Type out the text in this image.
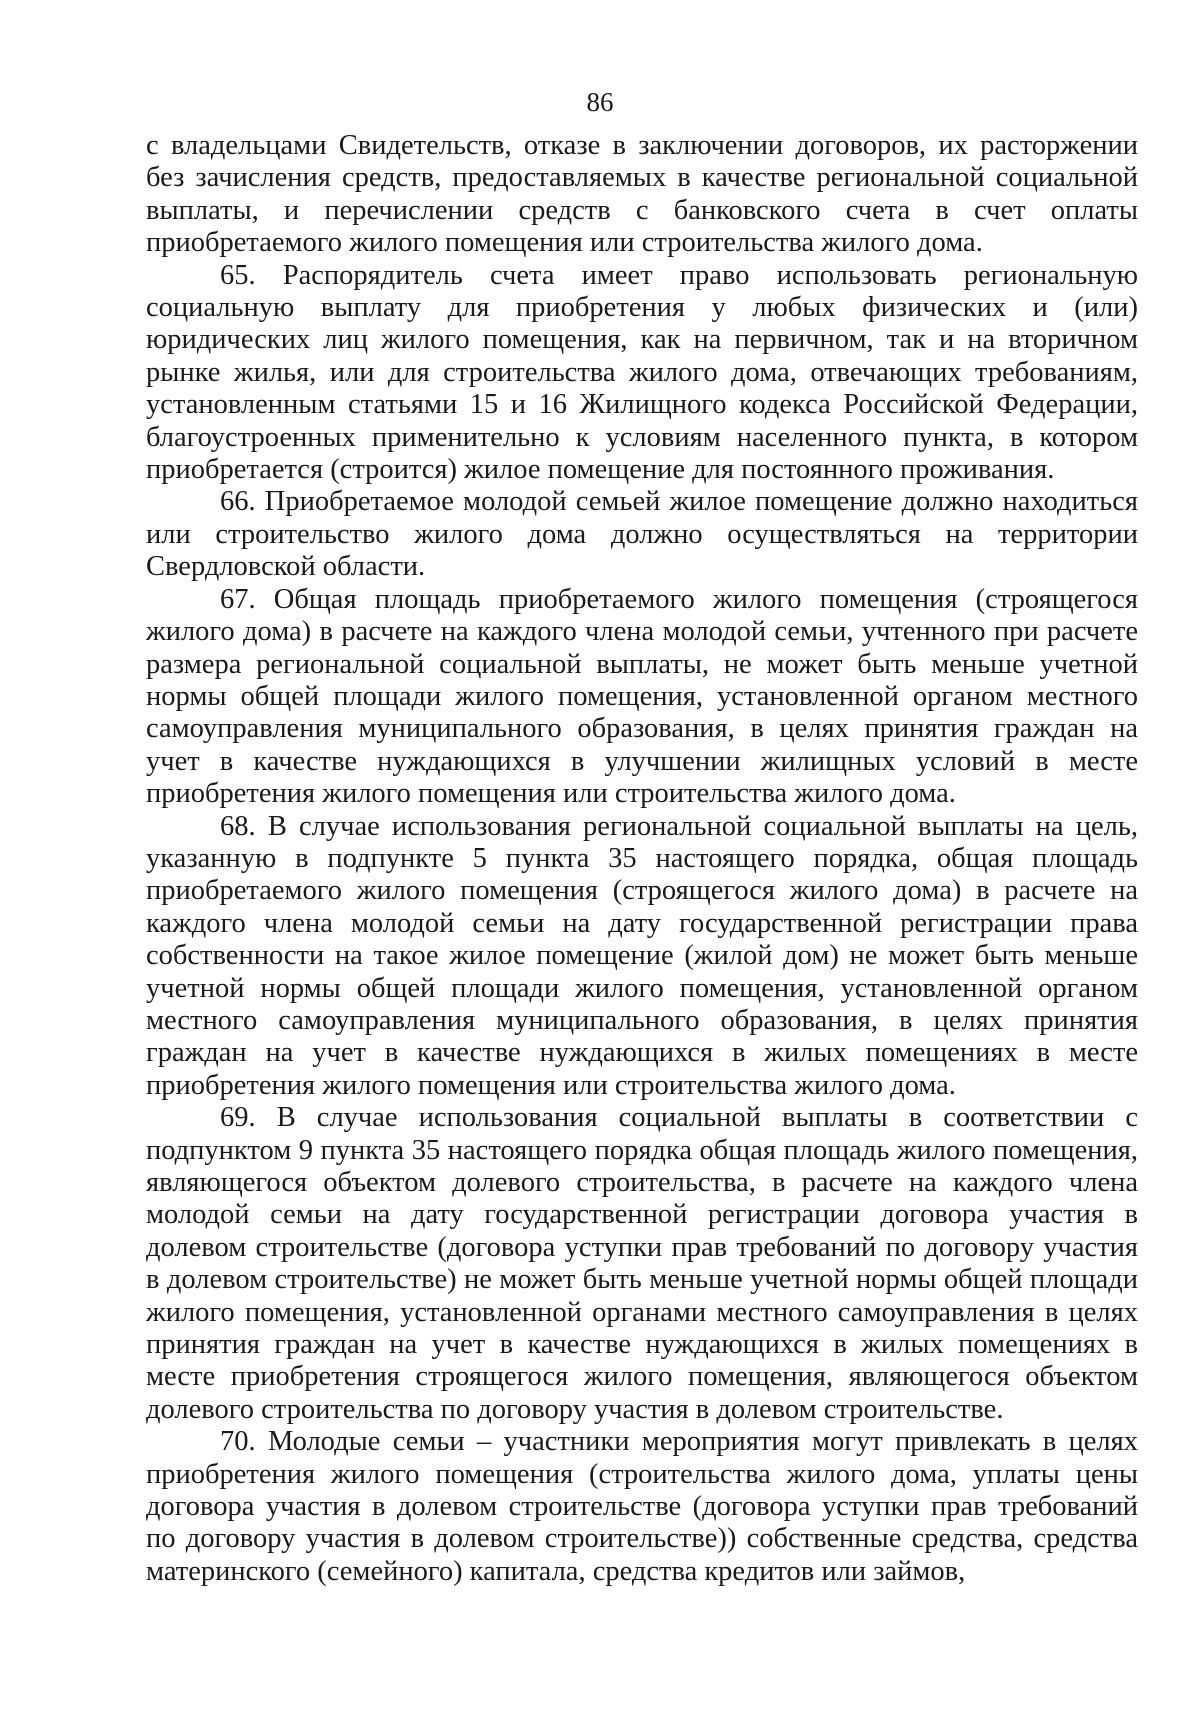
86

с владельцами Свидетельств, отказе в заключении договоров, их расторжении без зачисления средств, предоставляемых в качестве региональной социальной выплаты, и перечислении средств с банковского счета в счет оплаты приобретаемого жилого помещения или строительства жилого дома.

65. Распорядитель счета имеет право использовать региональную социальную выплату для приобретения у любых физических и (или) юридических лиц жилого помещения, как на первичном, так и на вторичном рынке жилья, или для строительства жилого дома, отвечающих требованиям, установленным статьями 15 и 16 Жилищного кодекса Российской Федерации, благоустроенных применительно к условиям населенного пункта, в котором приобретается (строится) жилое помещение для постоянного проживания.

66. Приобретаемое молодой семьей жилое помещение должно находиться или строительство жилого дома должно осуществляться на территории Свердловской области.

67. Общая площадь приобретаемого жилого помещения (строящегося жилого дома) в расчете на каждого члена молодой семьи, учтенного при расчете размера региональной социальной выплаты, не может быть меньше учетной нормы общей площади жилого помещения, установленной органом местного самоуправления муниципального образования, в целях принятия граждан на учет в качестве нуждающихся в улучшении жилищных условий в месте приобретения жилого помещения или строительства жилого дома.

68. В случае использования региональной социальной выплаты на цель, указанную в подпункте 5 пункта 35 настоящего порядка, общая площадь приобретаемого жилого помещения (строящегося жилого дома) в расчете на каждого члена молодой семьи на дату государственной регистрации права собственности на такое жилое помещение (жилой дом) не может быть меньше учетной нормы общей площади жилого помещения, установленной органом местного самоуправления муниципального образования, в целях принятия граждан на учет в качестве нуждающихся в жилых помещениях в месте приобретения жилого помещения или строительства жилого дома.

69. В случае использования социальной выплаты в соответствии с подпунктом 9 пункта 35 настоящего порядка общая площадь жилого помещения, являющегося объектом долевого строительства, в расчете на каждого члена молодой семьи на дату государственной регистрации договора участия в долевом строительстве (договора уступки прав требований по договору участия в долевом строительстве) не может быть меньше учетной нормы общей площади жилого помещения, установленной органами местного самоуправления в целях принятия граждан на учет в качестве нуждающихся в жилых помещениях в месте приобретения строящегося жилого помещения, являющегося объектом долевого строительства по договору участия в долевом строительстве.

70. Молодые семьи – участники мероприятия могут привлекать в целях приобретения жилого помещения (строительства жилого дома, уплаты цены договора участия в долевом строительстве (договора уступки прав требований по договору участия в долевом строительстве)) собственные средства, средства материнского (семейного) капитала, средства кредитов или займов,
